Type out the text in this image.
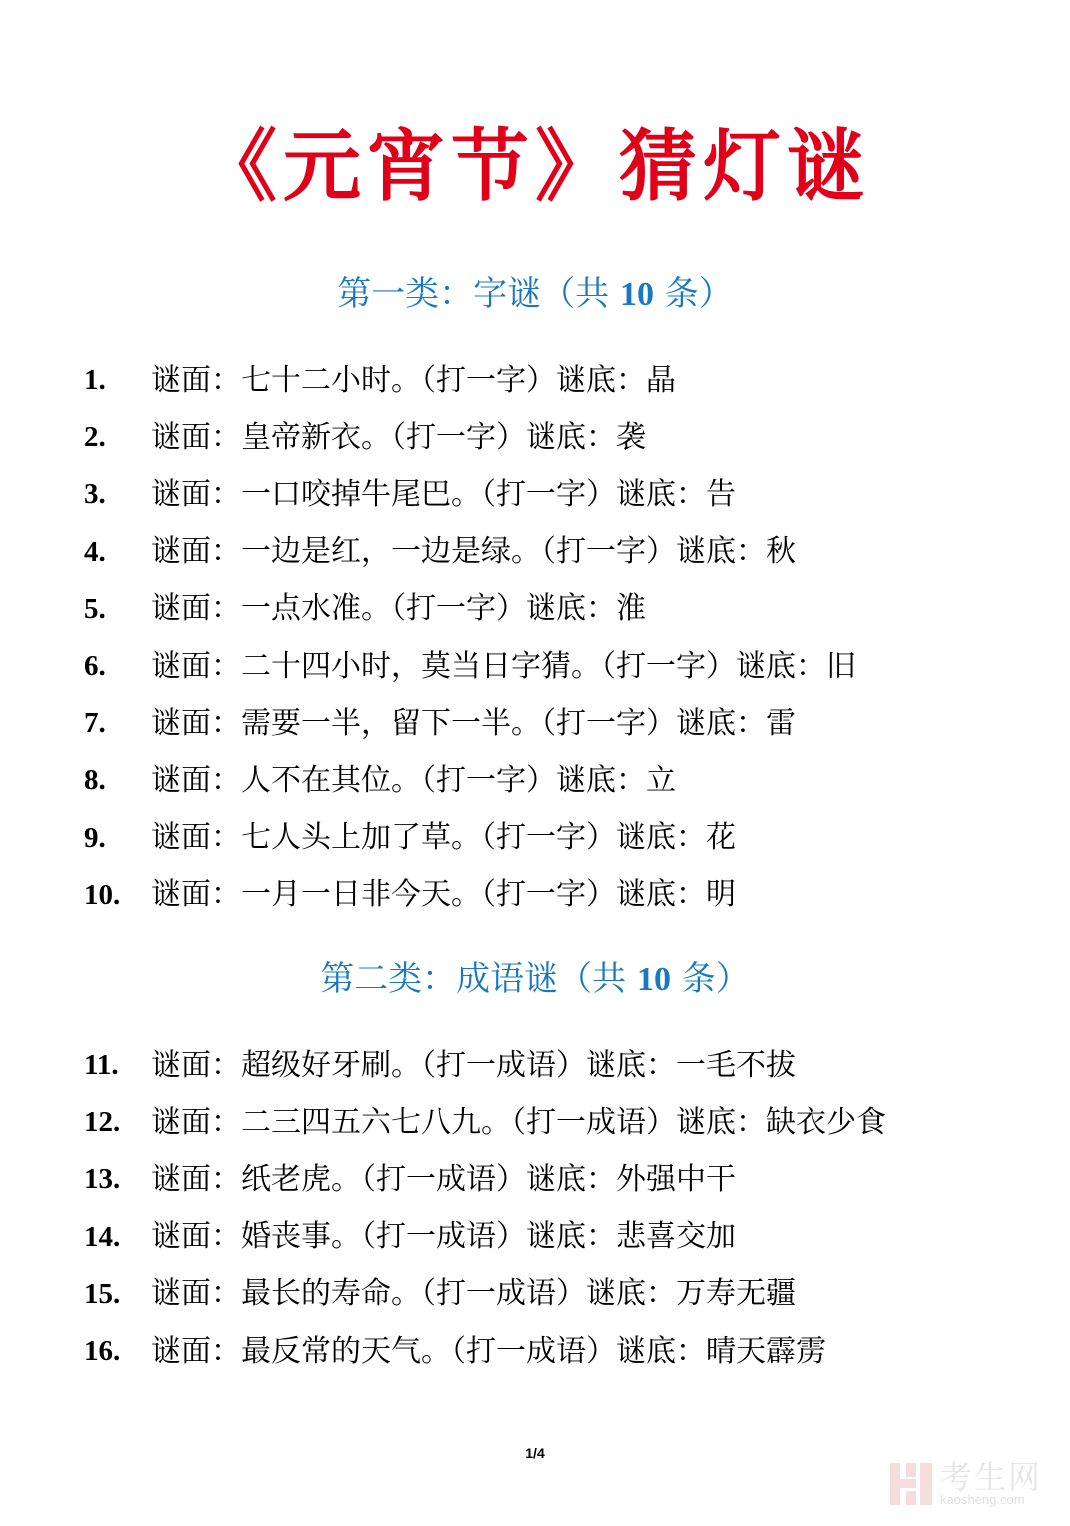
《元宵节》猜灯谜
第一类：字谜（共 10 条）
1.	谜面：七十二小时。（打一字）谜底：晶
2.	谜面：皇帝新衣。（打一字）谜底：袭
3.	谜面：一口咬掉牛尾巴。（打一字）谜底：告
4.	谜面：一边是红，一边是绿。（打一字）谜底：秋
5.	谜面：一点水准。（打一字）谜底：淮
6.	谜面：二十四小时，莫当日字猜。（打一字）谜底：旧
7.	谜面：需要一半，留下一半。（打一字）谜底：雷
8.	谜面：人不在其位。（打一字）谜底：立
9.	谜面：七人头上加了草。（打一字）谜底：花
10.	谜面：一月一日非今天。（打一字）谜底：明
第二类：成语谜（共 10 条）
11.	谜面：超级好牙刷。（打一成语）谜底：一毛不拔
12.	谜面：二三四五六七八九。（打一成语）谜底：缺衣少食
13.	谜面：纸老虎。（打一成语）谜底：外强中干
14.	谜面：婚丧事。（打一成语）谜底：悲喜交加
15.	谜面：最长的寿命。（打一成语）谜底：万寿无疆
16.	谜面：最反常的天气。（打一成语）谜底：晴天霹雳
1/4
考生网
kaosheng.com
